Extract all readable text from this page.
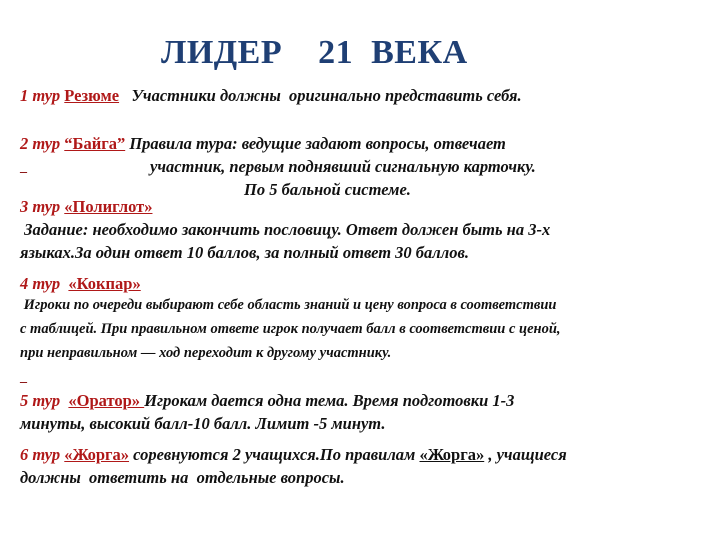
ЛИДЕР    21  ВЕКА
1 тур Резюме Участники должны  оригинально представить себя.
2 тур “Байга” Правила тура: ведущие задают вопросы, отвечает
участник, первым поднявший сигнальную карточку.
_
По 5 бальной системе.
3 тур «Полиглот»
Задание: необходимо закончить пословицу. Ответ должен быть на 3-х
языках.За один ответ 10 баллов, за полный ответ 30 баллов.
4 тур «Кокпар»
Игроки по очереди выбирают себе область знаний и цену вопроса в соответствии
с таблицей. При правильном ответе игрок получает балл в соответствии с ценой,
при неправильном — ход переходит к другому участнику.
_
5 тур «Оратор» Игрокам дается одна тема. Время подготовки 1-3
минуты, высокий балл-10 балл. Лимит -5 минут.
6 тур «Жорга» соревнуются 2 учащихся.По правилам «Жорга» , учащиеся
должны  ответить на  отдельные вопросы.
